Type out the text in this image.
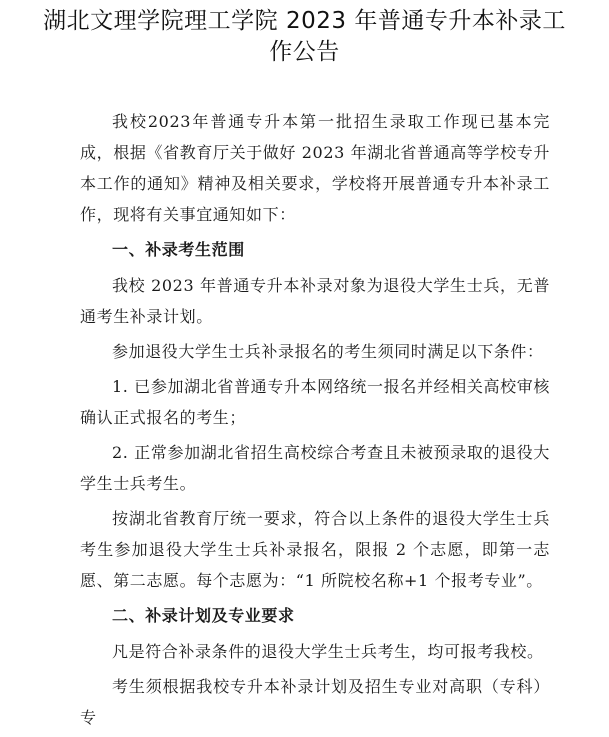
湖北文理学院理工学院 2023 年普通专升本补录工作公告

我校2023年普通专升本第一批招生录取工作现已基本完成，根据《省教育厅关于做好 2023 年湖北省普通高等学校专升本工作的通知》精神及相关要求，学校将开展普通专升本补录工作，现将有关事宜通知如下：

一、补录考生范围

我校 2023 年普通专升本补录对象为退役大学生士兵，无普通考生补录计划。

参加退役大学生士兵补录报名的考生须同时满足以下条件：

1. 已参加湖北省普通专升本网络统一报名并经相关高校审核确认正式报名的考生；

2. 正常参加湖北省招生高校综合考查且未被预录取的退役大学生士兵考生。

按湖北省教育厅统一要求，符合以上条件的退役大学生士兵考生参加退役大学生士兵补录报名，限报 2 个志愿，即第一志愿、第二志愿。每个志愿为：“1 所院校名称+1 个报考专业”。

二、补录计划及专业要求

凡是符合补录条件的退役大学生士兵考生，均可报考我校。

考生须根据我校专升本补录计划及招生专业对高职（专科）专
